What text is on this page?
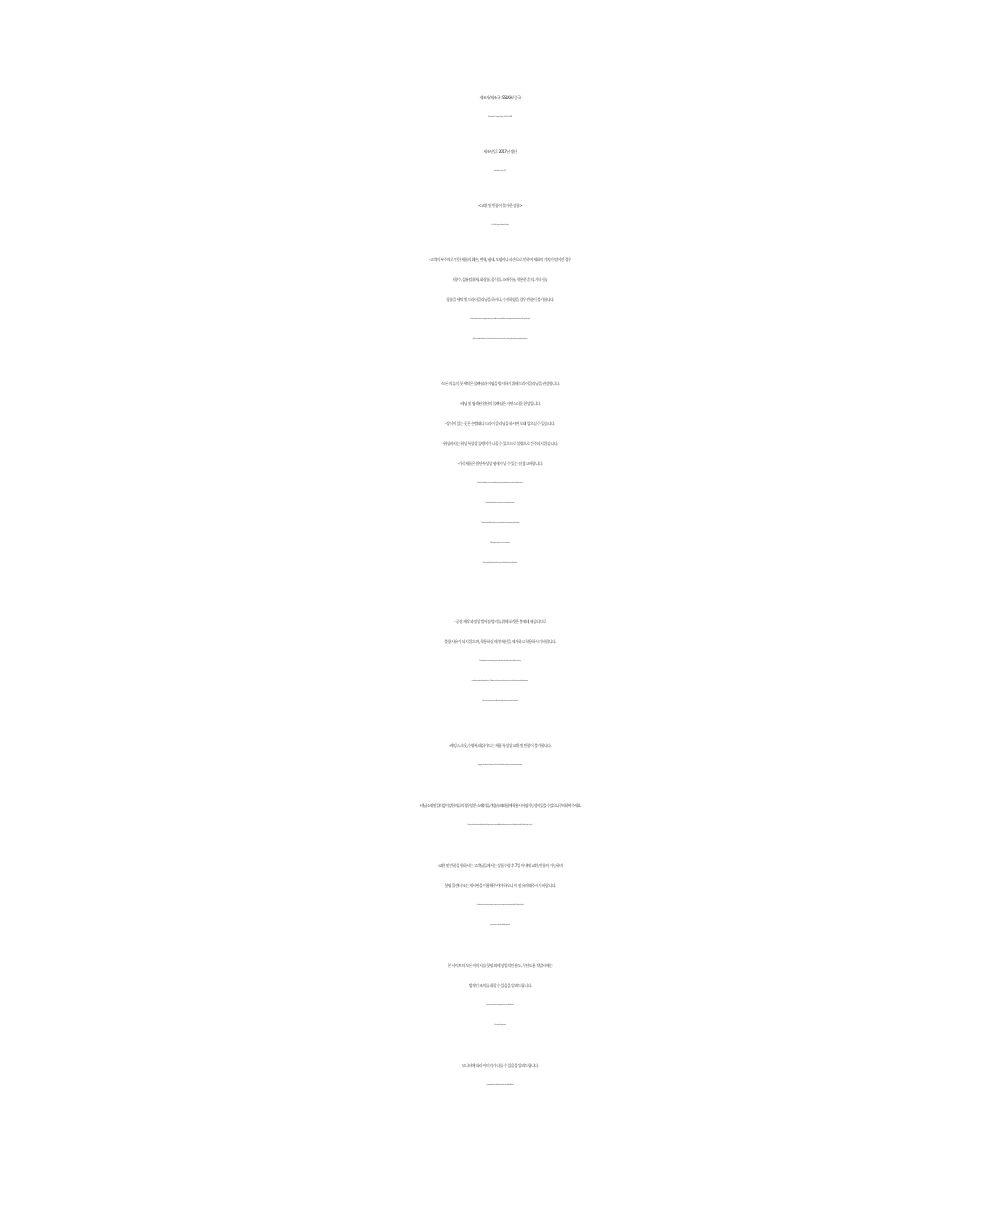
제조자/제조국 : SSLKH / 중국
Manufacturer / Country of Origin : SSLKH / CHINA
제조년일 : 2017년 생산
Manufacturer Year : 2017
<교환 및 반품이 불가한 상품>
<Can't Exchange and return Goods>
-고객의 부주의로 인한 제품의 훼손, 변형, 냄새, 오염이나 파손으로 인하여 재화의 가치가 떨어진 경우
(향수, 섬유탈취제, 화장품, 음식물, 소매주름, 착용한 흔적, 기타 등),
상품을 세탁 및 드라이클리닝을 하거나, 수선하였을 경우 반품이 불가합니다.
Products due to customer negligence damage, modification, odor, pollution or damage to because the value of the goods apart
(Perfume, textile deodorant, cosmetics, food, sleeves, worn marks, etc.), washing, dry cleaning, or repairing the goods.
-모든 의류의 첫 세탁은 물빠짐과 이염을 방지하기 위해 드라이클리닝을 권장합니다.
-데님 및 염색된 원단의 물빠짐은 자연스러운 현상입니다.
-장식이 있는 옷은 손빨래나 드라이 클리닝을 하시면 오래 입으실 수 있습니다.
-워싱바지는 워싱 특성상 돌멩이가 나올 수 있으므로 불량으로 간주되지 않습니다.
-가죽제품은 원단특성상 냄새가 날 수 있는 점 참고바랍니다.
First wash all clothing is recommended for dry cleaning in order to prevent water and otitis omission
Every fabric dyed denim, and water is a natural phenomenon.
The decor is old clothes that you can wear to please hand washing or dry cleaning.
Washing your pants can come out stones.
Please note that leather products may smell due to the nature of the fabric.
- 공장 제작 과정상 벌어짐 방지를 위해 포켓은 봉제돼 제공되므로
불량 사유가 되지 않으며, 착용하실 때 봉제선을 제거하고 착용하시기 바랍니다.
According to the manufacturing process, all pockets attached to clothes will be sewed up
in order to maintain their original forms. Therefore, we inform you that these status can not be the reason for defectiveness.
We recommend you to cut off the sewing line when you receive the product.
-레깅스,속옷,수영복,래쉬가드는 제품 특성상 교환 및 반품이 불가합니다.
Leggings, Underwear, Swim wear, Rash Guard will not exchange or return the product nature.
-데님 소재 및 컬러감이 강한 의류의 경우 밝은 소재(의류,가방,슈즈)와 함께 착용 시 이염 가능성이 있을 수 있으니 주의하여 주세요.
Please note that denim and high-color clothing may have a possibility of transferring when worn with bright materials (clothing, bags, shoes).
-교환 및 반품을 원하시는 고객님들께서는 상품수령 후 7일 이내에 교환, 반품이 가능하며
핫핑 콜센터 또는 게시판을 이용해주셔야 하오니 이 점 유의해주시기 바랍니다.
Customers who want to exchange or return can exchange and return goods within 7 days of receipt
you can use a call center of delivery board.
본 사이트의 모든 이미지를 핫핑 외에 상업적인 용도, 무단도용 적발시에는
법적인 조치를 취할 수 있음을 알려드립니다.
If you commercial use any image, when unauthorized use
We can take legan action.
모니터에 따라 이미지가 다를 수 있음을 알려드립니다.
Depending on the individual monitor image will be different.
